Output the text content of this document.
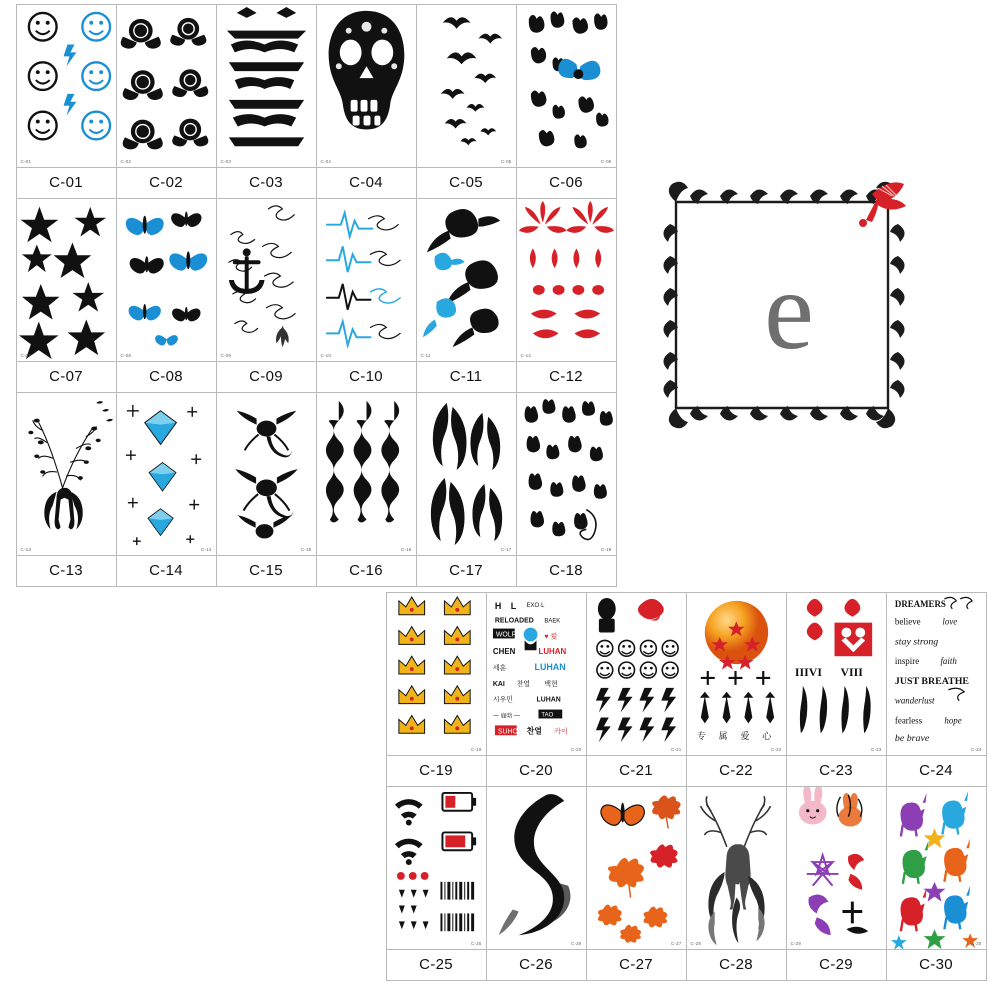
C-01
C-01
C-02
C-02
C-03
C-03
C-04
C-04
C-05
C-05
C-06
C-06
C-07
C-07
C-08
C-08
C-09
C-09
C-10
C-10
C-11
C-11
C-12
C-12
C-13
C-13
C-14
C-14
C-15
C-15
C-16
C-16
C-17
C-17
C-18
C-18
e
C-19
C-19
H L EXO·L
RELOADED BAEK
WOLF	♥ 爱
CHEN	LUHAN
세훈	LUHAN
KAI 찬열 백현
시우민	LUHAN
— 鹿晗 —	TAO
SUHO 찬열 카이
C-20
C-20
C-21
C-21
专 属 爱 心
C-22
C-22
IIIVI VIII
C-23
C-23
DREAMERS
believe love
stay strong
inspire faith
JUST BREATHE
wanderlust
fearless hope
be brave
C-24
C-24
C-25
C-25
C-26
C-26
C-27
C-27
C-28
C-28
C-29
C-29
C-30
C-30
